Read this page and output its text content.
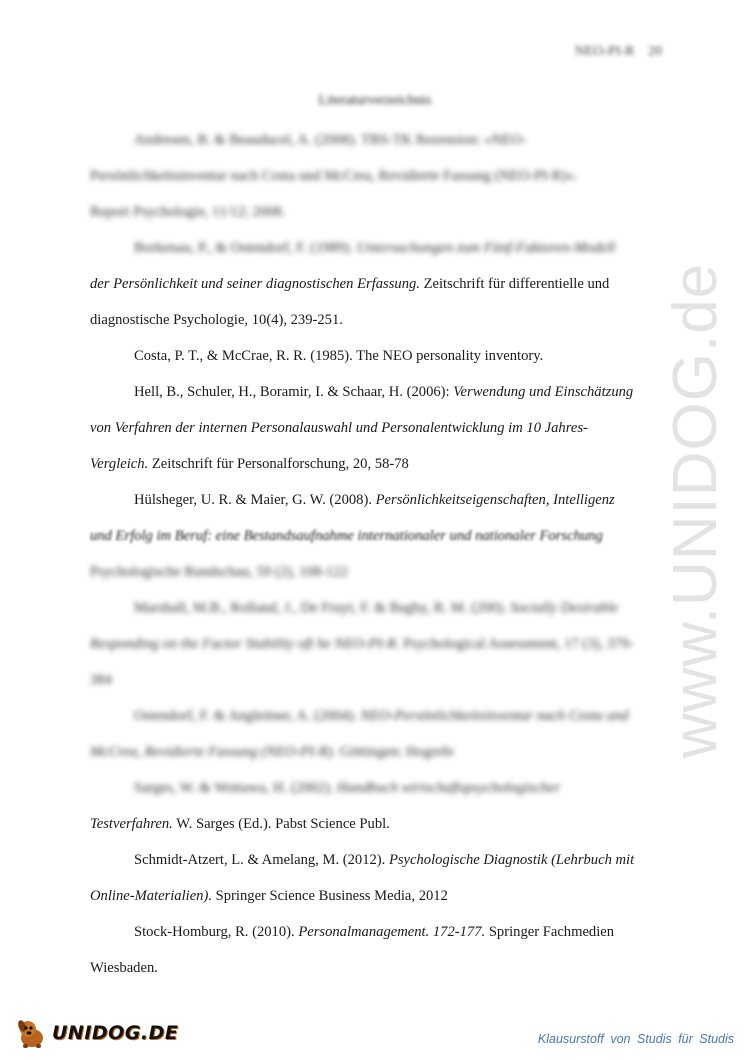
NEO-PI-R 20
Literaturverzeichnis
Andresen, B. & Beauducel, A. (2008). TBS-TK Rezension: »NEO-
Persönlichkeitsinventar nach Costa und McCrea, Revidierte Fassung (NEO-PI-R)«.
Report Psychologie, 11/12; 2008.
Borkenau, P., & Ostendorf, F. (1989). Untersuchungen zum Fünf-Faktoren-Modell
der Persönlichkeit und seiner diagnostischen Erfassung. Zeitschrift für differentielle und
diagnostische Psychologie, 10(4), 239-251.
Costa, P. T., & McCrae, R. R. (1985). The NEO personality inventory.
Hell, B., Schuler, H., Boramir, I. & Schaar, H. (2006): Verwendung und Einschätzung
von Verfahren der internen Personalauswahl und Personalentwicklung im 10 Jahres-
Vergleich. Zeitschrift für Personalforschung, 20, 58-78
Hülsheger, U. R. & Maier, G. W. (2008). Persönlichkeitseigenschaften, Intelligenz
und Erfolg im Beruf: eine Bestandsaufnahme internationaler und nationaler Forschung
Psychologische Rundschau, 59 (2), 108-122
Marshall, M.B., Rolland, J., De Fruyt, F. & Bagby, R. M. (200). Socially Desirable
Responding on the Factor Stability oft he NEO-PI-R. Psychological Assessment, 17 (3), 379-
384
Ostendorf, F. & Angleitner, A. (2004). NEO-Persönlichkeitsinventar nach Costa und
McCrea, Revidierte Fassung (NEO-PI-R). Göttingen: Hogrefe
Sarges, W. & Wottawa, H. (2002). Handbuch wirtschaftspsychologischer
Testverfahren. W. Sarges (Ed.). Pabst Science Publ.
Schmidt-Atzert, L. & Amelang, M. (2012). Psychologische Diagnostik (Lehrbuch mit
Online-Materialien). Springer Science Business Media, 2012
Stock-Homburg, R. (2010). Personalmanagement. 172-177. Springer Fachmedien
Wiesbaden.
www.UNIDOG.de
UNIDOG.DE	Klausurstoff von Studis für Studis
